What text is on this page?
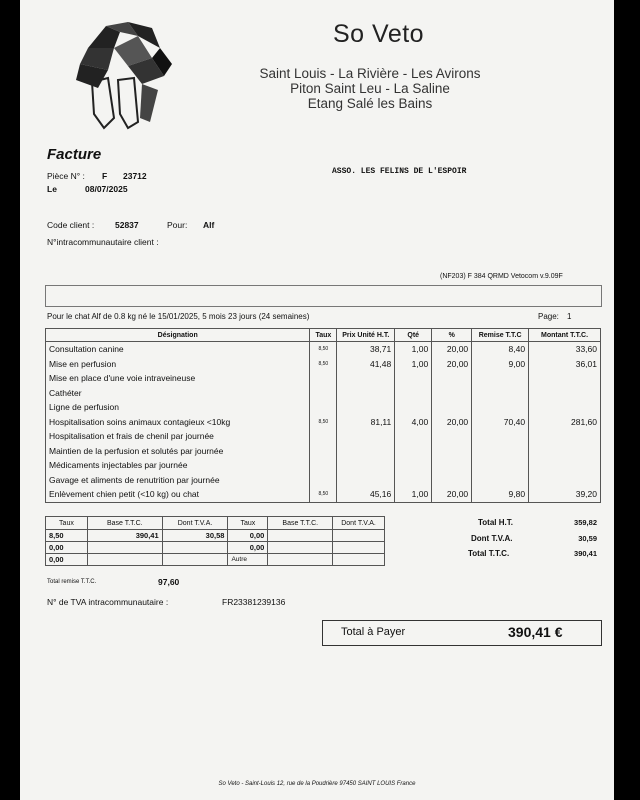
So Veto
Saint Louis - La Rivière - Les Avirons
Piton Saint Leu - La Saline
Etang Salé les Bains
Facture
Pièce N° : F 23712
Le	08/07/2025
ASSO. LES FELINS DE L'ESPOIR
Code client : 52837	Pour: Alf
N°intracommunautaire client :
(NF203) F 384 QRMD Vetocom v.9.09F
Pour le chat Alf de 0.8 kg né le 15/01/2025, 5 mois 23 jours (24 semaines)	Page: 1
Désignation	Taux	Prix Unité H.T.	Qté	%	Remise T.T.C	Montant T.T.C.
Consultation canine	8,50	38,71	1,00	20,00	8,40	33,60
Mise en perfusion	8,50	41,48	1,00	20,00	9,00	36,01
Mise en place d'une voie intraveineuse						
Cathéter						
Ligne de perfusion						
Hospitalisation soins animaux contagieux <10kg	8,50	81,11	4,00	20,00	70,40	281,60
Hospitalisation et frais de chenil par journée						
Maintien de la perfusion et solutés par journée						
Médicaments injectables par journée						
Gavage et aliments de renutrition par journée						
Enlèvement chien petit (<10 kg) ou chat	8,50	45,16	1,00	20,00	9,80	39,20
Taux	Base T.T.C.	Dont T.V.A.	Taux	Base T.T.C.	Dont T.V.A.
8,50	390,41	30,58	0,00		
0,00			0,00		
0,00			Autre		
Total remise T.T.C.	97,60
N° de TVA intracommunautaire :	FR23381239136
Total H.T.	359,82
Dont T.V.A.	30,59
Total T.T.C.	390,41
Total à Payer	390,41 €
So Veto - Saint-Louis 12, rue de la Poudrière 97450 SAINT LOUIS France
